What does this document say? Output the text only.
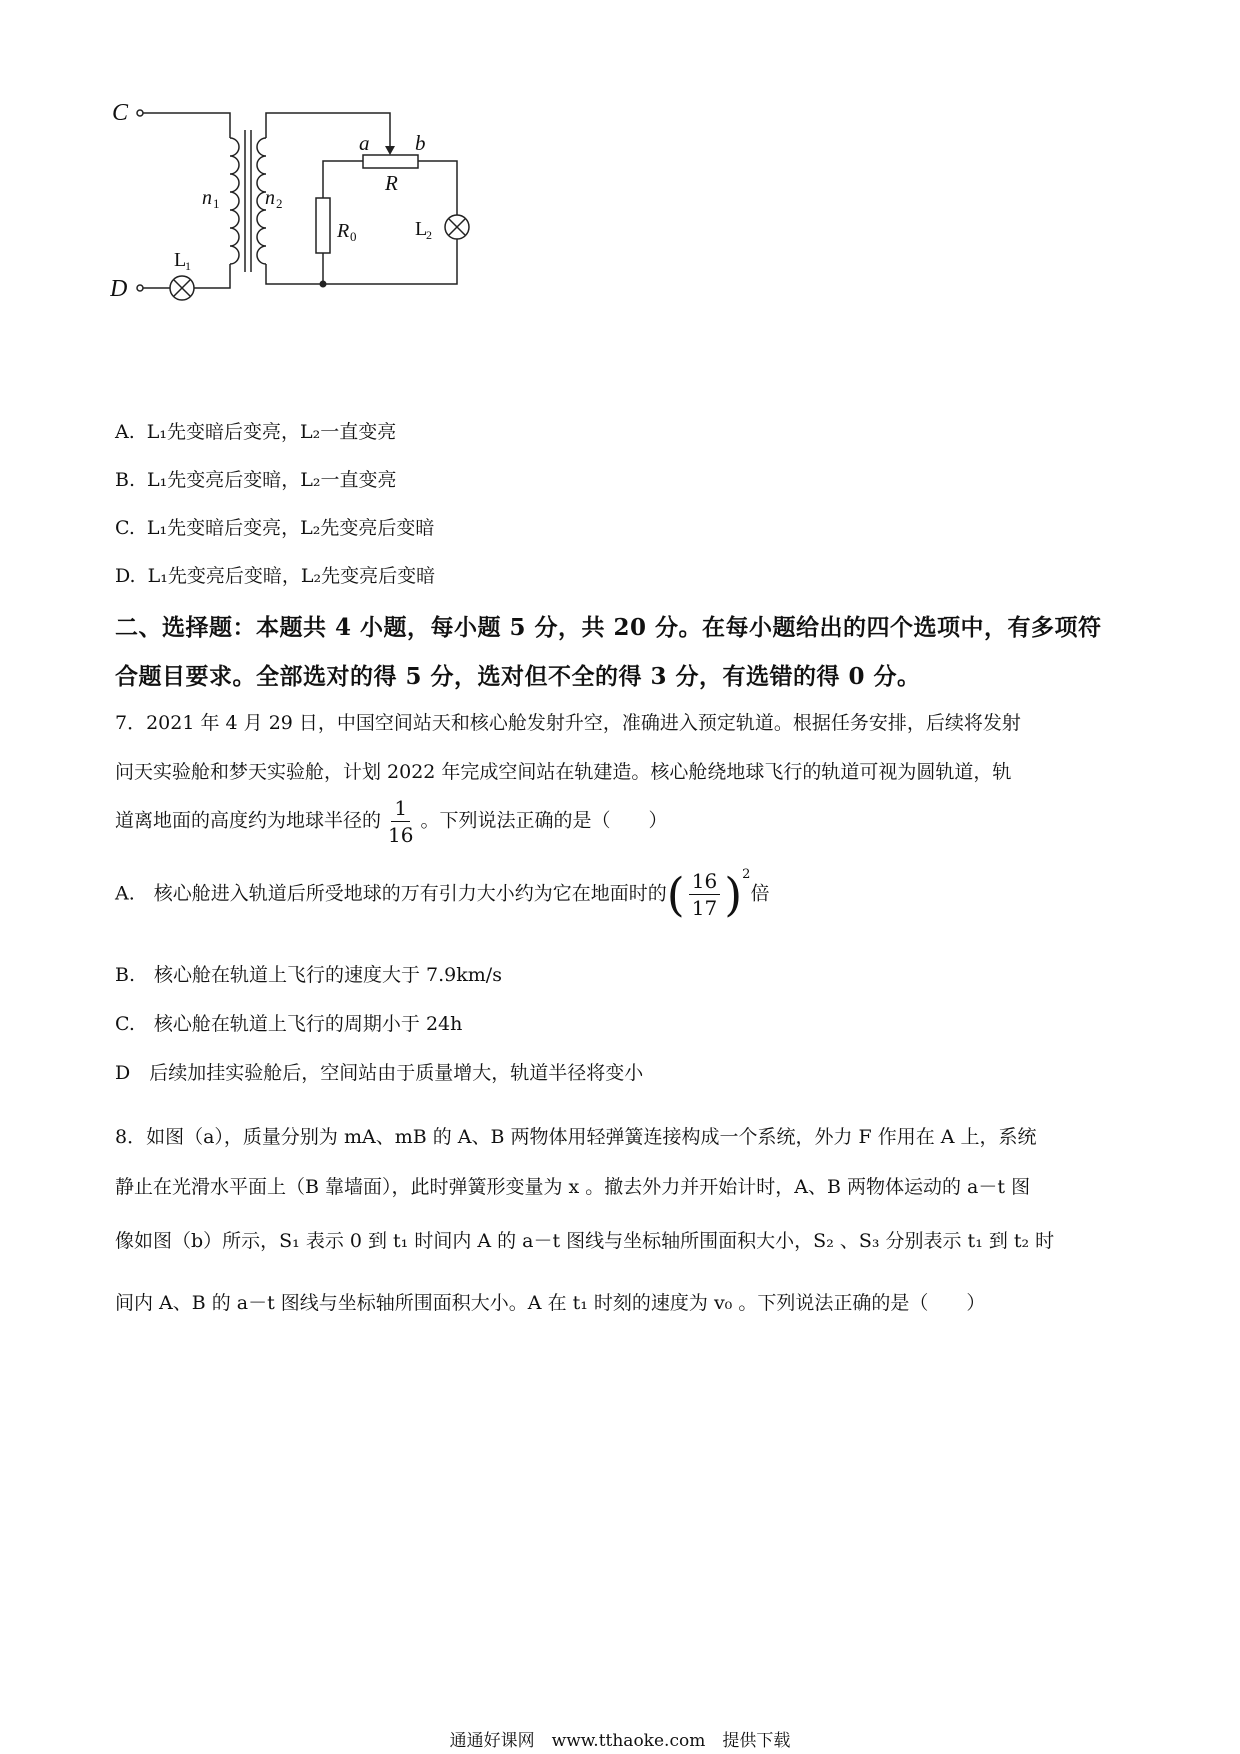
C
D
n 1 n 2
a b
R
R 0
L
1
L
2
A. L₁先变暗后变亮，L₂一直变亮
B. L₁先变亮后变暗，L₂一直变亮
C. L₁先变暗后变亮，L₂先变亮后变暗
D. L₁先变亮后变暗，L₂先变亮后变暗
二、选择题：本题共 4 小题，每小题 5 分，共 20 分。在每小题给出的四个选项中，有多项符
合题目要求。全部选对的得 5 分，选对但不全的得 3 分，有选错的得 0 分。
7．2021 年 4 月 29 日，中国空间站天和核心舱发射升空，准确进入预定轨道。根据任务安排，后续将发射
问天实验舱和梦天实验舱，计划 2022 年完成空间站在轨建造。核心舱绕地球飞行的轨道可视为圆轨道，轨
道离地面的高度约为地球半径的 $\frac{1}{16}$ 。下列说法正确的是（　　）
A.　 核心舱进入轨道后所受地球的万有引力大小约为它在地面时的( $\frac{16}{17} )^2$倍
B.　核心舱在轨道上飞行的速度大于 7.9km/s
C.　核心舱在轨道上飞行的周期小于 24h
D　后续加挂实验舱后，空间站由于质量增大，轨道半径将变小
8．如图（a），质量分别为 mA、mB 的 A、B 两物体用轻弹簧连接构成一个系统，外力 F 作用在 A 上，系统
静止在光滑水平面上（B 靠墙面），此时弹簧形变量为 x 。撤去外力并开始计时，A、B 两物体运动的 a－t 图
像如图（b）所示，S₁ 表示 0 到 t₁ 时间内 A 的 a－t 图线与坐标轴所围面积大小，S₂ 、S₃ 分别表示 t₁ 到 t₂ 时
间内 A、B 的 a－t 图线与坐标轴所围面积大小。A 在 t₁ 时刻的速度为 v₀ 。下列说法正确的是（　　）
通通好课网　www.tthaoke.com　提供下载
